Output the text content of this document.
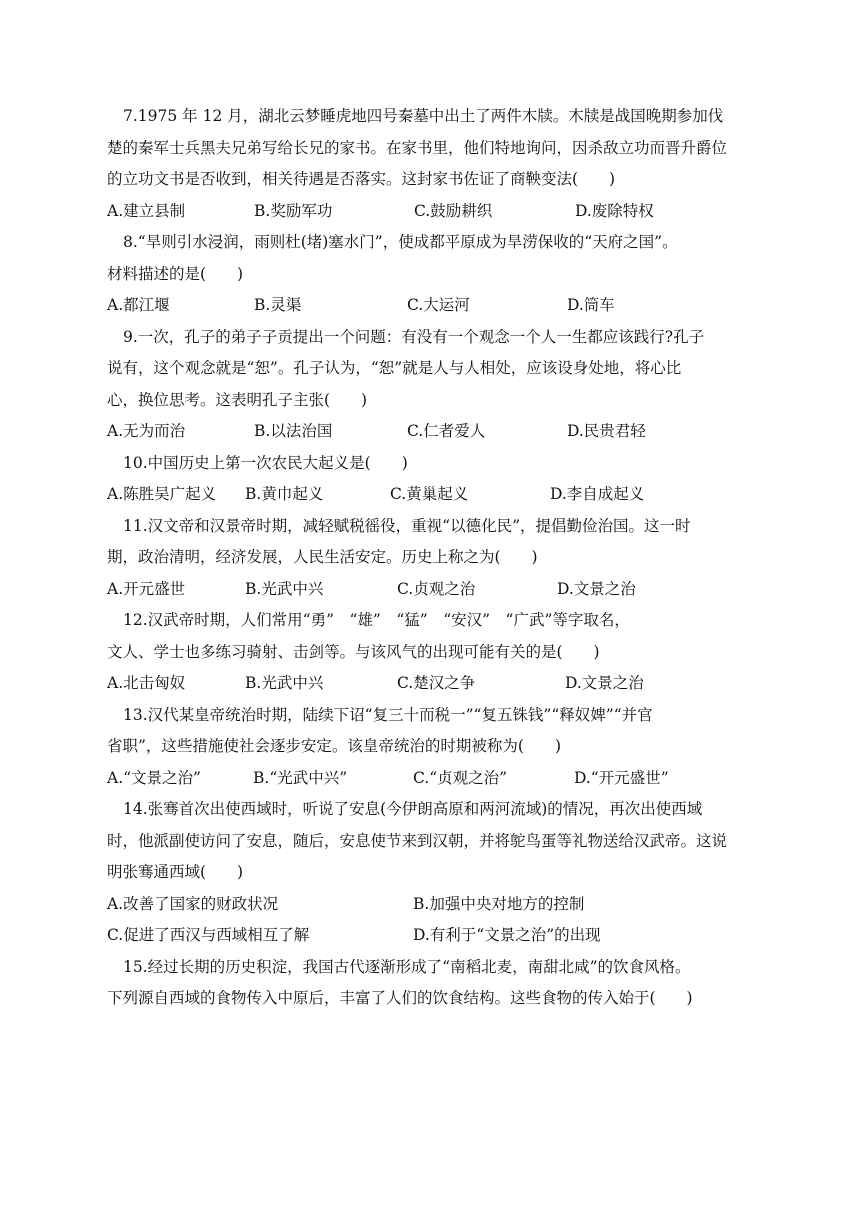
7.1975 年 12 月，湖北云梦睡虎地四号秦墓中出土了两件木牍。木牍是战国晚期参加伐
楚的秦军士兵黑夫兄弟写给长兄的家书。在家书里，他们特地询问，因杀敌立功而晋升爵位
的立功文书是否收到，相关待遇是否落实。这封家书佐证了商鞅变法(　　)
A.建立县制	B.奖励军功	C.鼓励耕织	D.废除特权
8.“旱则引水浸润，雨则杜(堵)塞水门”，使成都平原成为旱涝保收的“天府之国”。
材料描述的是(　　)
A.都江堰	B.灵渠	C.大运河	D.筒车
9.一次，孔子的弟子子贡提出一个问题：有没有一个观念一个人一生都应该践行?孔子
说有，这个观念就是“恕”。孔子认为，“恕”就是人与人相处，应该设身处地，将心比
心，换位思考。这表明孔子主张(　　)
A.无为而治	B.以法治国	C.仁者爱人	D.民贵君轻
10.中国历史上第一次农民大起义是(　　)
A.陈胜吴广起义 B.黄巾起义	C.黄巢起义	D.李自成起义
11.汉文帝和汉景帝时期，减轻赋税徭役，重视“以德化民”，提倡勤俭治国。这一时
期，政治清明，经济发展，人民生活安定。历史上称之为(　　)
A.开元盛世	B.光武中兴	C.贞观之治	D.文景之治
12.汉武帝时期，人们常用“勇”　“雄”　“猛”　“安汉”　“广武”等字取名，
文人、学士也多练习骑射、击剑等。与该风气的出现可能有关的是(　　)
A.北击匈奴	B.光武中兴	C.楚汉之争	D.文景之治
13.汉代某皇帝统治时期，陆续下诏“复三十而税一”“复五铢钱”“释奴婢”“并官
省职”，这些措施使社会逐步安定。该皇帝统治的时期被称为(　　)
A.“文景之治”	B.“光武中兴”	C.“贞观之治”	D.“开元盛世”
14.张骞首次出使西域时，听说了安息(今伊朗高原和两河流域)的情况，再次出使西域
时，他派副使访问了安息，随后，安息使节来到汉朝，并将鸵鸟蛋等礼物送给汉武帝。这说
明张骞通西域(　　)
A.改善了国家的财政状况	B.加强中央对地方的控制
C.促进了西汉与西域相互了解	D.有利于“文景之治”的出现
15.经过长期的历史积淀，我国古代逐渐形成了“南稻北麦，南甜北咸”的饮食风格。
下列源自西域的食物传入中原后，丰富了人们的饮食结构。这些食物的传入始于(　　)
